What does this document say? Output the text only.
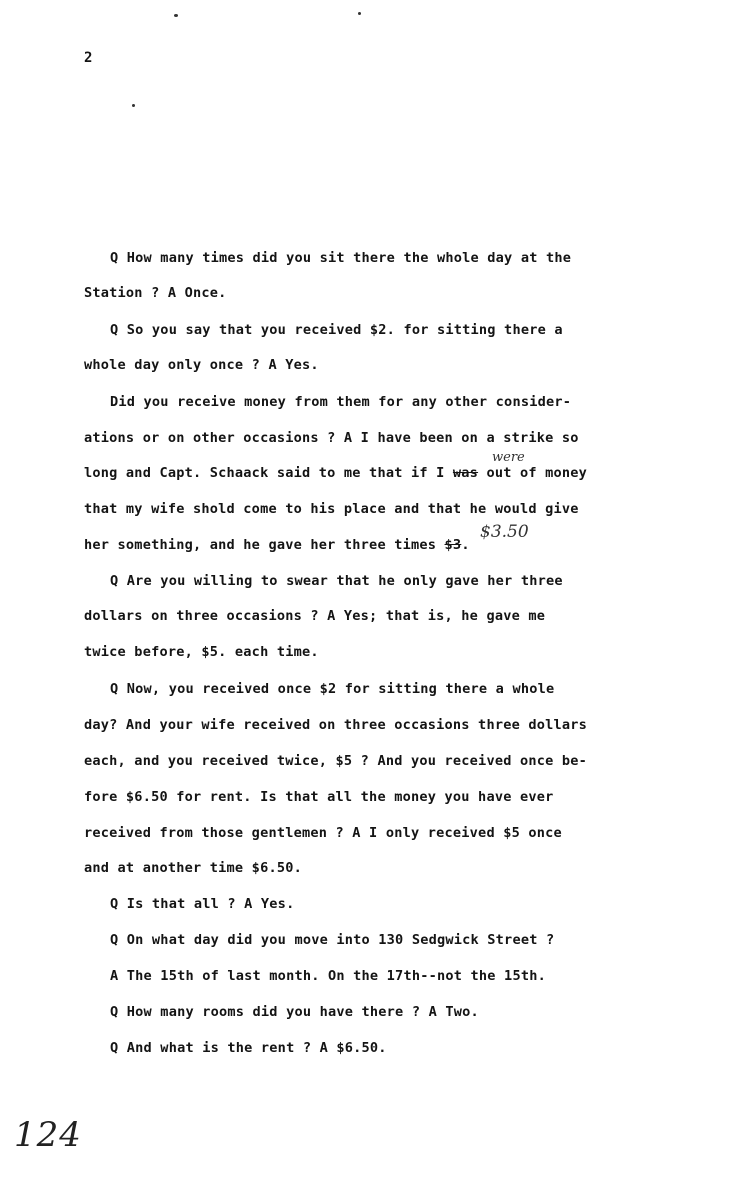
2
Q How many times did you sit there the whole day at the
Station ? A Once.
Q So you say that you received $2. for sitting there a
whole day only once ? A Yes.
Did you receive money from them for any other consider-
ations or on other occasions ? A I have been on a strike so
were
long and Capt. Schaack said to me that if I was out of money
that my wife shold come to his place and that he would give
$3.50
her something, and he gave her three times $3.
Q Are you willing to swear that he only gave her three
dollars on three occasions ? A Yes; that is, he gave me
twice before, $5. each time.
Q Now, you received once $2 for sitting there a whole
day? And your wife received on three occasions three dollars
each, and you received twice, $5 ? And you received once be-
fore $6.50 for rent. Is that all the money you have ever
received from those gentlemen ? A I only received $5 once
and at another time $6.50.
Q Is that all ? A Yes.
Q On what day did you move into 130 Sedgwick Street ?
A The 15th of last month. On the 17th--not the 15th.
Q How many rooms did you have there ? A Two.
Q And what is the rent ? A $6.50.
124
